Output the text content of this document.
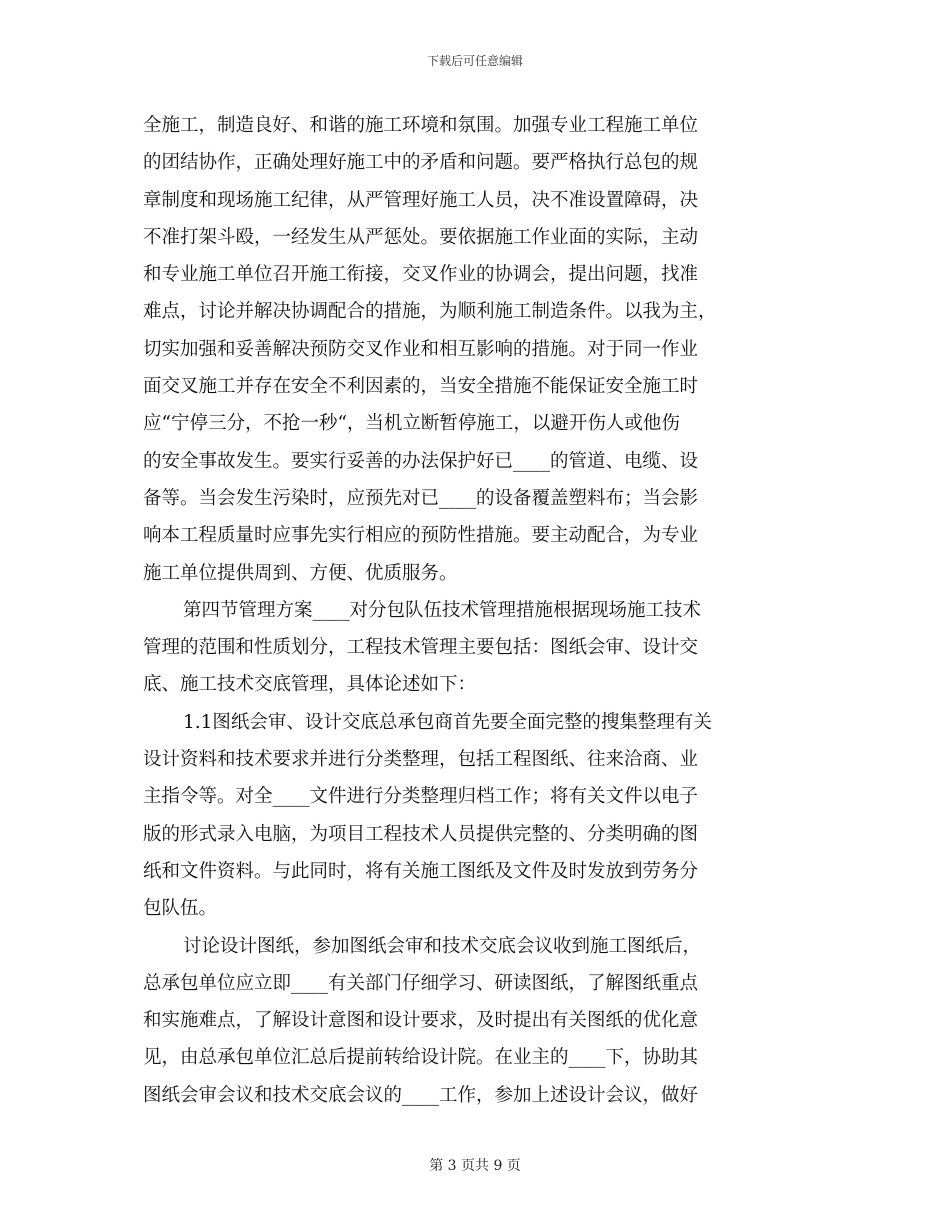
下载后可任意编辑
全施工，制造良好、和谐的施工环境和氛围。加强专业工程施工单位
的团结协作，正确处理好施工中的矛盾和问题。要严格执行总包的规
章制度和现场施工纪律，从严管理好施工人员，决不准设置障碍，决
不准打架斗殴，一经发生从严惩处。要依据施工作业面的实际，主动
和专业施工单位召开施工衔接，交叉作业的协调会，提出问题，找准
难点，讨论并解决协调配合的措施，为顺利施工制造条件。以我为主，
切实加强和妥善解决预防交叉作业和相互影响的措施。对于同一作业
面交叉施工并存在安全不利因素的，当安全措施不能保证安全施工时
应“宁停三分，不抢一秒“，当机立断暂停施工，以避开伤人或他伤
的安全事故发生。要实行妥善的办法保护好已____的管道、电缆、设
备等。当会发生污染时，应预先对已____的设备覆盖塑料布；当会影
响本工程质量时应事先实行相应的预防性措施。要主动配合，为专业
施工单位提供周到、方便、优质服务。
第四节管理方案____对分包队伍技术管理措施根据现场施工技术
管理的范围和性质划分，工程技术管理主要包括：图纸会审、设计交
底、施工技术交底管理，具体论述如下：
1.1图纸会审、设计交底总承包商首先要全面完整的搜集整理有关
设计资料和技术要求并进行分类整理，包括工程图纸、往来洽商、业
主指令等。对全____文件进行分类整理归档工作；将有关文件以电子
版的形式录入电脑，为项目工程技术人员提供完整的、分类明确的图
纸和文件资料。与此同时，将有关施工图纸及文件及时发放到劳务分
包队伍。
讨论设计图纸，参加图纸会审和技术交底会议收到施工图纸后，
总承包单位应立即____有关部门仔细学习、研读图纸，了解图纸重点
和实施难点，了解设计意图和设计要求，及时提出有关图纸的优化意
见，由总承包单位汇总后提前转给设计院。在业主的____下，协助其
图纸会审会议和技术交底会议的____工作，参加上述设计会议，做好
第 3 页共 9 页
